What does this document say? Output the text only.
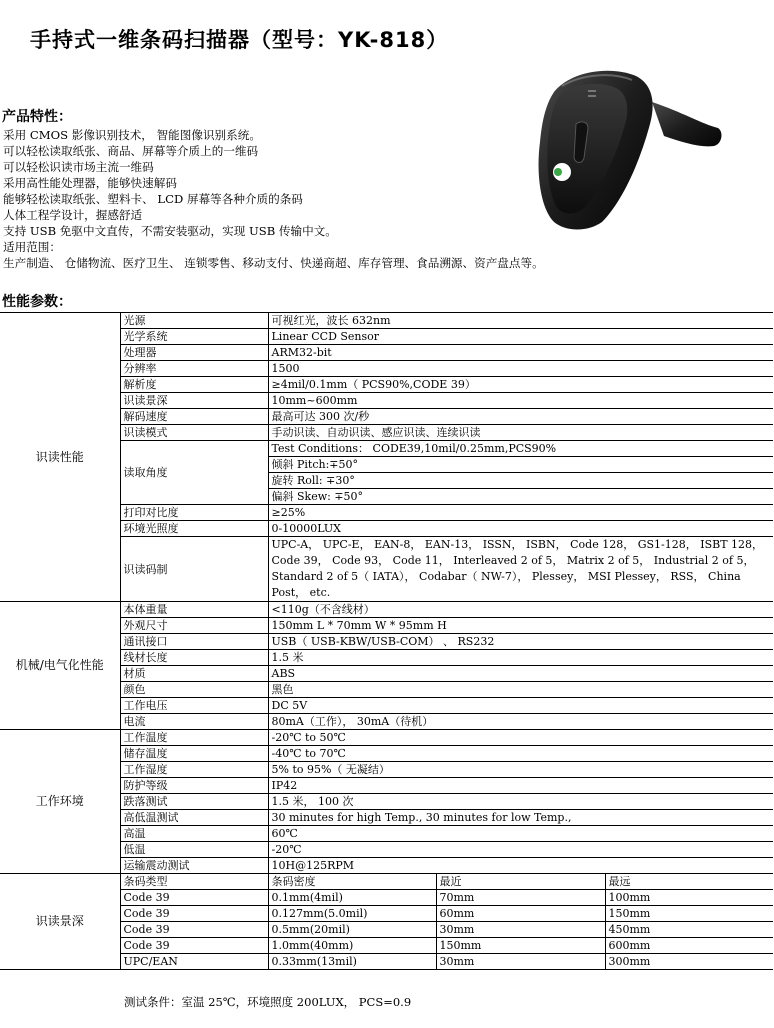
手持式一维条码扫描器（型号：YK-818）
产品特性：
采用 CMOS 影像识别技术， 智能图像识别系统。
可以轻松读取纸张、商品、屏幕等介质上的一维码
可以轻松识读市场主流一维码
采用高性能处理器，能够快速解码
能够轻松读取纸张、塑料卡、 LCD 屏幕等各种介质的条码
人体工程学设计，握感舒适
支持 USB 免驱中文直传，不需安装驱动，实现 USB 传输中文。
适用范围：
生产制造、 仓储物流、医疗卫生、 连锁零售、移动支付、快递商超、库存管理、食品溯源、资产盘点等。
性能参数：
识读性能	光源	可视红光，波长 632nm		
	光学系统	Linear CCD Sensor		
	处理器	ARM32-bit		
	分辨率	1500		
	解析度	≥4mil/0.1mm（ PCS90%,CODE 39）		
	识读景深	10mm~600mm		
	解码速度	最高可达 300 次/秒		
	识读模式	手动识读、自动识读、感应识读、连续识读		
	读取角度	Test Conditions： CODE39,10mil/0.25mm,PCS90%		
		倾斜 Pitch:∓50°		
		旋转 Roll: ∓30°		
		偏斜 Skew: ∓50°		
	打印对比度	≥25%		
	环境光照度	0-10000LUX		
	识读码制	UPC-A， UPC-E， EAN-8， EAN-13， ISSN， ISBN， Code 128， GS1-128， ISBT 128， Code 39， Code 93， Code 11， Interleaved 2 of 5， Matrix 2 of 5， Industrial 2 of 5， Standard 2 of 5（ IATA）， Codabar（ NW-7）， Plessey， MSI Plessey， RSS， China Post， etc.		
机械/电气化性能	本体重量	<110g（不含线材）		
	外观尺寸	150mm L * 70mm W * 95mm H		
	通讯接口	USB（ USB-KBW/USB-COM） 、 RS232		
	线材长度	1.5 米		
	材质	ABS		
	颜色	黑色		
	工作电压	DC 5V		
	电流	80mA（工作）， 30mA（待机）		
工作环境	工作温度	-20℃ to 50℃		
	储存温度	-40℃ to 70℃		
	工作湿度	5% to 95%（ 无凝结）		
	防护等级	IP42		
	跌落测试	1.5 米， 100 次		
	高低温测试	30 minutes for high Temp., 30 minutes for low Temp.,		
	高温	60℃		
	低温	-20℃		
	运输震动测试	10H@125RPM		
识读景深	条码类型	条码密度	最近	最远
	Code 39	0.1mm(4mil)	70mm	100mm
	Code 39	0.127mm(5.0mil)	60mm	150mm
	Code 39	0.5mm(20mil)	30mm	450mm
	Code 39	1.0mm(40mm)	150mm	600mm
	UPC/EAN	0.33mm(13mil)	30mm	300mm
测试条件：室温 25℃，环境照度 200LUX， PCS=0.9
